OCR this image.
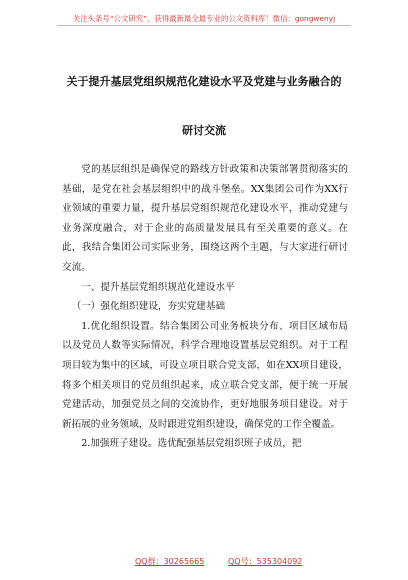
关注头条号“公文研究”，获得最新最全最专业的公文资料库！微信：gongwenyj
关于提升基层党组织规范化建设水平及党建与业务融合的
研讨交流

党的基层组织是确保党的路线方针政策和决策部署贯彻落实的基础，是党在社会基层组织中的战斗堡垒。XX集团公司作为XX行业领域的重要力量，提升基层党组织规范化建设水平，推动党建与业务深度融合，对于企业的高质量发展具有至关重要的意义。在此，我结合集团公司实际业务，围绕这两个主题，与大家进行研讨交流。

一、提升基层党组织规范化建设水平

（一）强化组织建设，夯实党建基础

1.优化组织设置。结合集团公司业务板块分布、项目区域布局以及党员人数等实际情况，科学合理地设置基层党组织。对于工程项目较为集中的区域，可设立项目联合党支部，如在XX项目建设，将多个相关项目的党员组织起来，成立联合党支部，便于统一开展党建活动，加强党员之间的交流协作，更好地服务项目建设。对于新拓展的业务领域，及时跟进党组织建设，确保党的工作全覆盖。

2.加强班子建设。选优配强基层党组织班子成员，把

QQ群：30265665	QQ号：535304092
